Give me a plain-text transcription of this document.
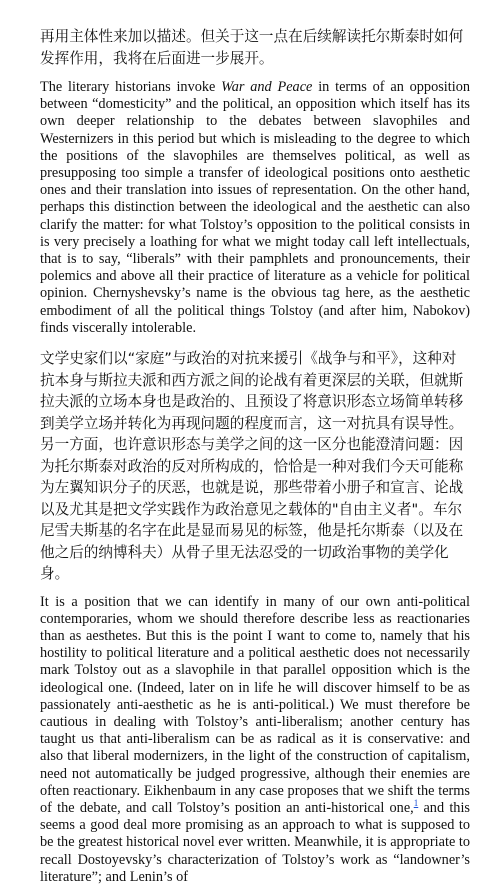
再用主体性来加以描述。但关于这一点在后续解读托尔斯泰时如何发挥作用，我将在后面进一步展开。

The literary historians invoke War and Peace in terms of an opposition between “domesticity” and the political, an opposition which itself has its own deeper relationship to the debates between slavophiles and Westernizers in this period but which is misleading to the degree to which the positions of the slavophiles are themselves political, as well as presupposing too simple a transfer of ideological positions onto aesthetic ones and their translation into issues of representation. On the other hand, perhaps this distinction between the ideological and the aesthetic can also clarify the matter: for what Tolstoy’s opposition to the political consists in is very precisely a loathing for what we might today call left intellectuals, that is to say, “liberals” with their pamphlets and pronouncements, their polemics and above all their practice of literature as a vehicle for political opinion. Chernyshevsky’s name is the obvious tag here, as the aesthetic embodiment of all the political things Tolstoy (and after him, Nabokov) finds viscerally intolerable.

文学史家们以“家庭”与政治的对抗来援引《战争与和平》，这种对抗本身与斯拉夫派和西方派之间的论战有着更深层的关联，但就斯拉夫派的立场本身也是政治的、且预设了将意识形态立场简单转移到美学立场并转化为再现问题的程度而言，这一对抗具有误导性。另一方面，也许意识形态与美学之间的这一区分也能澄清问题：因为托尔斯泰对政治的反对所构成的，恰恰是一种对我们今天可能称为左翼知识分子的厌恶，也就是说，那些带着小册子和宣言、论战以及尤其是把文学实践作为政治意见之载体的"自由主义者"。车尔尼雪夫斯基的名字在此是显而易见的标签，他是托尔斯泰（以及在他之后的纳博科夫）从骨子里无法忍受的一切政治事物的美学化身。

It is a position that we can identify in many of our own anti-political contemporaries, whom we should therefore describe less as reactionaries than as aesthetes. But this is the point I want to come to, namely that his hostility to political literature and a political aesthetic does not necessarily mark Tolstoy out as a slavophile in that parallel opposition which is the ideological one. (Indeed, later on in life he will discover himself to be as passionately anti-aesthetic as he is anti-political.) We must therefore be cautious in dealing with Tolstoy’s anti-liberalism; another century has taught us that anti-liberalism can be as radical as it is conservative: and also that liberal modernizers, in the light of the construction of capitalism, need not automatically be judged progressive, although their enemies are often reactionary. Eikhenbaum in any case proposes that we shift the terms of the debate, and call Tolstoy’s position an anti-historical one,$^1$ and this seems a good deal more promising as an approach to what is supposed to be the greatest historical novel ever written. Meanwhile, it is appropriate to recall Dostoyevsky’s characterization of Tolstoy’s work as “landowner’s literature”; and Lenin’s of
